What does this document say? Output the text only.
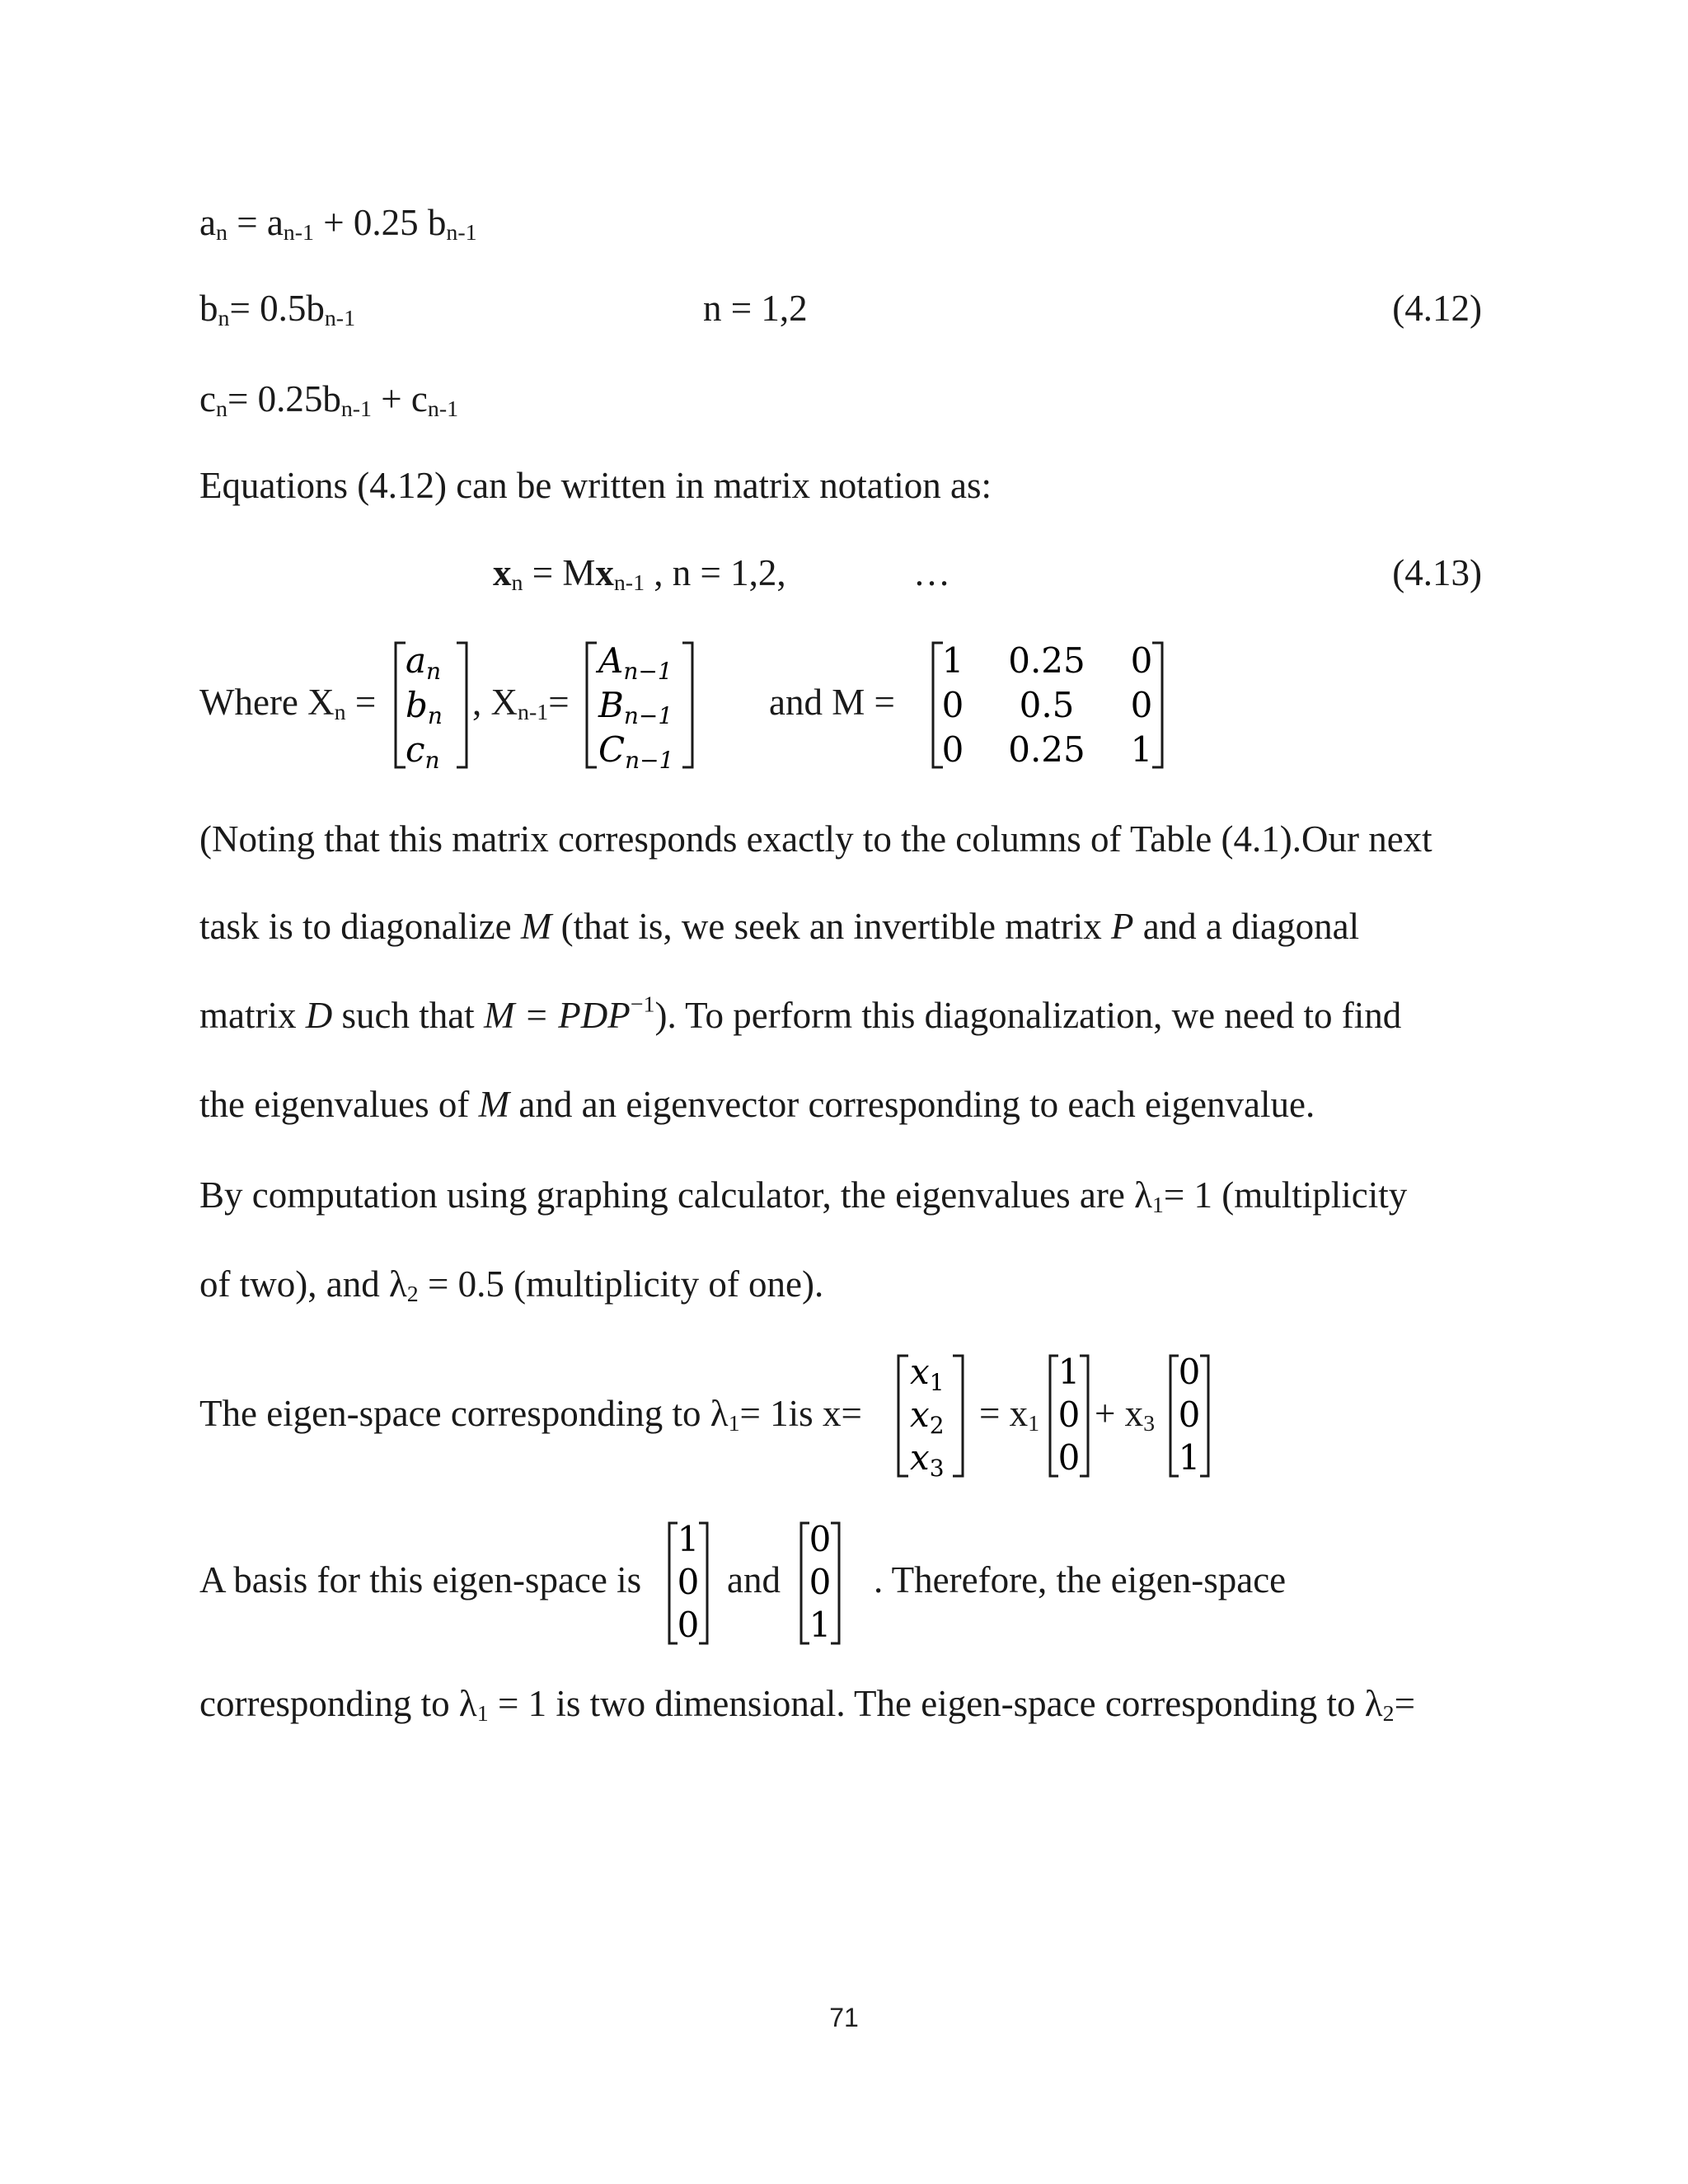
$a_n = a_{n-1} + 0.25$ $b_{n-1}$
$b_n= 0.5b_{n-1}$	n = 1,2	(4.12)
$c_n= 0.25b_{n-1} + c_{n-1}$
Equations (4.12) can be written in matrix notation as:
$x_n = Mx_{n-1}$ , n = 1,2,	…	(4.13)
Where $X_n$ =
an
bn
cn
, $X_{n-1}=$
An−1
Bn−1
Cn−1
and M =
1 0.25 0
0 0.5 0
0 0.25 1
(Noting that this matrix corresponds exactly to the columns of Table (4.1).Our next
task is to diagonalize M (that is, we seek an invertible matrix P and a diagonal
matrix D such that $M = PDP^{-1}$). To perform this diagonalization, we need to find
the eigenvalues of M and an eigenvector corresponding to each eigenvalue.
By computation using graphing calculator, the eigenvalues are $\lambda_1= 1$ (multiplicity
of two), and $\lambda_2 = 0.5$ (multiplicity of one).
The eigen-space corresponding to $\lambda_1= 1is$ x=
x1
x2
x3
= $x_1$
1
0
0
+ $x_3$
0
0
1
A basis for this eigen-space is
1
0
0
and
0
0
1
. Therefore, the eigen-space
corresponding to $\lambda_1 = 1$ is two dimensional. The eigen-space corresponding to $\lambda_2=$
71
